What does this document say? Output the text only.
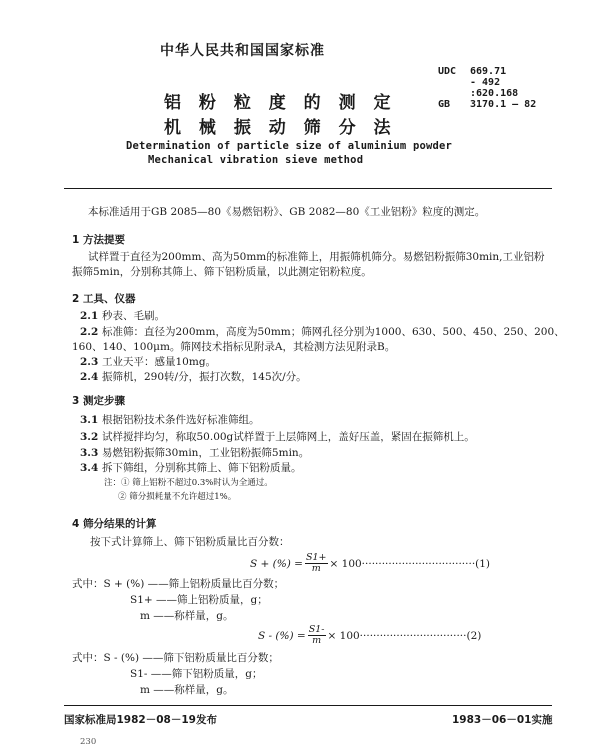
中华人民共和国国家标准
铝 粉 粒 度 的 测 定
机 械 振 动 筛 分 法
UDC	669.71
- 492
:620.168
GB	3170.1 — 82
Determination of particle size of aluminium powder
Mechanical vibration sieve method
本标准适用于GB 2085—80《易燃铝粉》、GB 2082—80《工业铝粉》粒度的测定。
1 方法提要
试样置于直径为200mm、高为50mm的标准筛上，用振筛机筛分。易燃铝粉振筛30min,工业铝粉
振筛5min，分别称其筛上、筛下铝粉质量，以此测定铝粉粒度。
2 工具、仪器
2.1 秒表、毛刷。
2.2 标准筛：直径为200mm，高度为50mm；筛网孔径分别为1000、630、500、450、250、200、
160、140、100μm。筛网技术指标见附录A，其检测方法见附录B。
2.3 工业天平：感量10mg。
2.4 振筛机，290转/分，振打次数，145次/分。
3 测定步骤
3.1 根据铝粉技术条件选好标准筛组。
3.2 试样搅拌均匀，称取50.00g试样置于上层筛网上，盖好压盖，紧固在振筛机上。
3.3 易燃铝粉振筛30min，工业铝粉振筛5min。
3.4 拆下筛组，分别称其筛上、筛下铝粉质量。
注：① 筛上铝粉不超过0.3%时认为全通过。
② 筛分损耗量不允许超过1%。
4 筛分结果的计算
按下式计算筛上、筛下铝粉质量比百分数：
S + (%) = $\frac{S1+}{m} \times 100\cdot\cdot\cdot\cdot\cdot\cdot\cdot\cdot\cdot\cdot\cdot\cdot\cdot\cdot\cdot\cdot\cdot\cdot\cdot\cdot\cdot\cdot\cdot\cdot\cdot\cdot\cdot\cdot\cdot\cdot\cdot\cdot\cdot\cdot(1)$
式中：S + (%) ——筛上铝粉质量比百分数；
S1+ ——筛上铝粉质量，g；
m ——称样量，g。
S - (%) = $\frac{S1-}{m} \times 100\cdot\cdot\cdot\cdot\cdot\cdot\cdot\cdot\cdot\cdot\cdot\cdot\cdot\cdot\cdot\cdot\cdot\cdot\cdot\cdot\cdot\cdot\cdot\cdot\cdot\cdot\cdot\cdot\cdot\cdot\cdot\cdot(2)$
式中：S - (%) ——筛下铝粉质量比百分数；
S1- ——筛下铝粉质量，g；
m ——称样量，g。
国家标准局1982－08－19发布	1983－06－01实施
230
